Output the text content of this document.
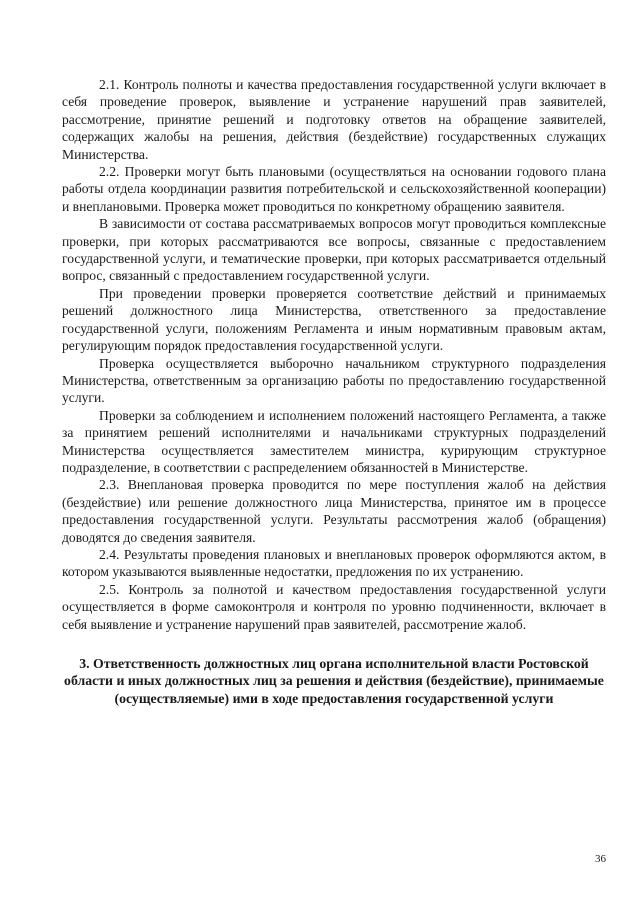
2.1. Контроль полноты и качества предоставления государственной услуги включает в себя проведение проверок, выявление и устранение нарушений прав заявителей, рассмотрение, принятие решений и подготовку ответов на обращение заявителей, содержащих жалобы на решения, действия (бездействие) государственных служащих Министерства.

2.2. Проверки могут быть плановыми (осуществляться на основании годового плана работы отдела координации развития потребительской и сельскохозяйственной кооперации) и внеплановыми. Проверка может проводиться по конкретному обращению заявителя.

В зависимости от состава рассматриваемых вопросов могут проводиться комплексные проверки, при которых рассматриваются все вопросы, связанные с предоставлением государственной услуги, и тематические проверки, при которых рассматривается отдельный вопрос, связанный с предоставлением государственной услуги.

При проведении проверки проверяется соответствие действий и принимаемых решений должностного лица Министерства, ответственного за предоставление государственной услуги, положениям Регламента и иным нормативным правовым актам, регулирующим порядок предоставления государственной услуги.

Проверка осуществляется выборочно начальником структурного подразделения Министерства, ответственным за организацию работы по предоставлению государственной услуги.

Проверки за соблюдением и исполнением положений настоящего Регламента, а также за принятием решений исполнителями и начальниками структурных подразделений Министерства осуществляется заместителем министра, курирующим структурное подразделение, в соответствии с распределением обязанностей в Министерстве.

2.3. Внеплановая проверка проводится по мере поступления жалоб на действия (бездействие) или решение должностного лица Министерства, принятое им в процессе предоставления государственной услуги. Результаты рассмотрения жалоб (обращения) доводятся до сведения заявителя.

2.4. Результаты проведения плановых и внеплановых проверок оформляются актом, в котором указываются выявленные недостатки, предложения по их устранению.

2.5. Контроль за полнотой и качеством предоставления государственной услуги осуществляется в форме самоконтроля и контроля по уровню подчиненности, включает в себя выявление и устранение нарушений прав заявителей, рассмотрение жалоб.

3. Ответственность должностных лиц органа исполнительной власти Ростовской области и иных должностных лиц за решения и действия (бездействие), принимаемые (осуществляемые) ими в ходе предоставления государственной услуги

36
